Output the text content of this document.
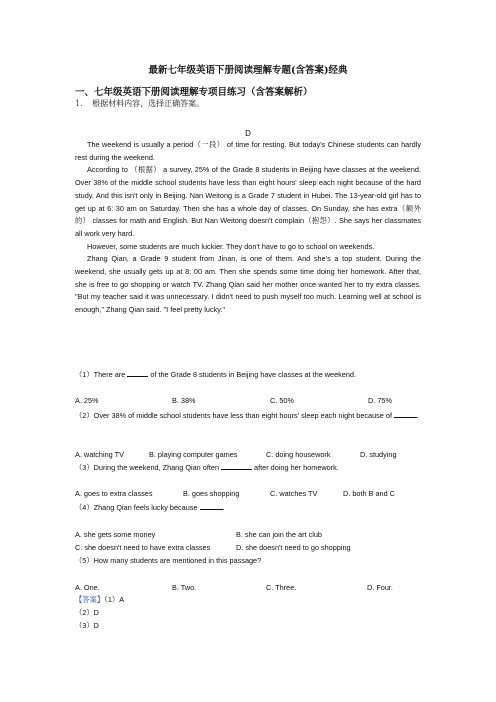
最新七年级英语下册阅读理解专题(含答案)经典
一、七年级英语下册阅读理解专项目练习（含答案解析）
1． 根据材料内容，选择正确答案。
D

The weekend is usually a period（一段） of time for resting. But today's Chinese students can hardly rest during the weekend.

According to （根据） a survey, 25% of the Grade 8 students in Beijing have classes at the weekend. Over 38% of the middle school students have less than eight hours' sleep each night because of the hard study. And this isn't only in Beijing. Nan Weitong is a Grade 7 student in Hubei. The 13-year-old girl has to get up at 6: 30 am on Saturday. Then she has a whole day of classes. On Sunday, she has extra（额外的） classes for math and English. But Nan Weitong doesn't complain（抱怨）. She says her classmates all work very hard.

However, some students are much luckier. They don't have to go to school on weekends.

Zhang Qian, a Grade 9 student from Jinan, is one of them. And she's a top student. During the weekend, she usually gets up at 8: 00 am. Then she spends some time doing her homework. After that, she is free to go shopping or watch TV. Zhang Qian said her mother once wanted her to try extra classes. "But my teacher said it was unnecessary. I didn't need to push myself too much. Learning well at school is enough," Zhang Qian said. "I feel pretty lucky."

（1）There are	of the Grade 8 students in Beijing have classes at the weekend.
A. 25%	B. 38%	C. 50%	D. 75%
（2）Over 38% of middle school students have less than eight hours' sleep each night because of	.
A. watching TV	B. playing computer games	C. doing housework	D. studying
（3）During the weekend, Zhang Qian often	after doing her homework.
A. goes to extra classes	B. goes shopping	C. watches TV	D. both B and C
（4）Zhang Qian feels lucky because	.
A. she gets some money	B. she can join the art club
C. she doesn't need to have extra classes	D. she doesn't need to go shopping
（5）How many students are mentioned in this passage?
A. One.	B. Two.	C. Three.	D. Four.
【答案】（1）A
（2）D
（3）D
